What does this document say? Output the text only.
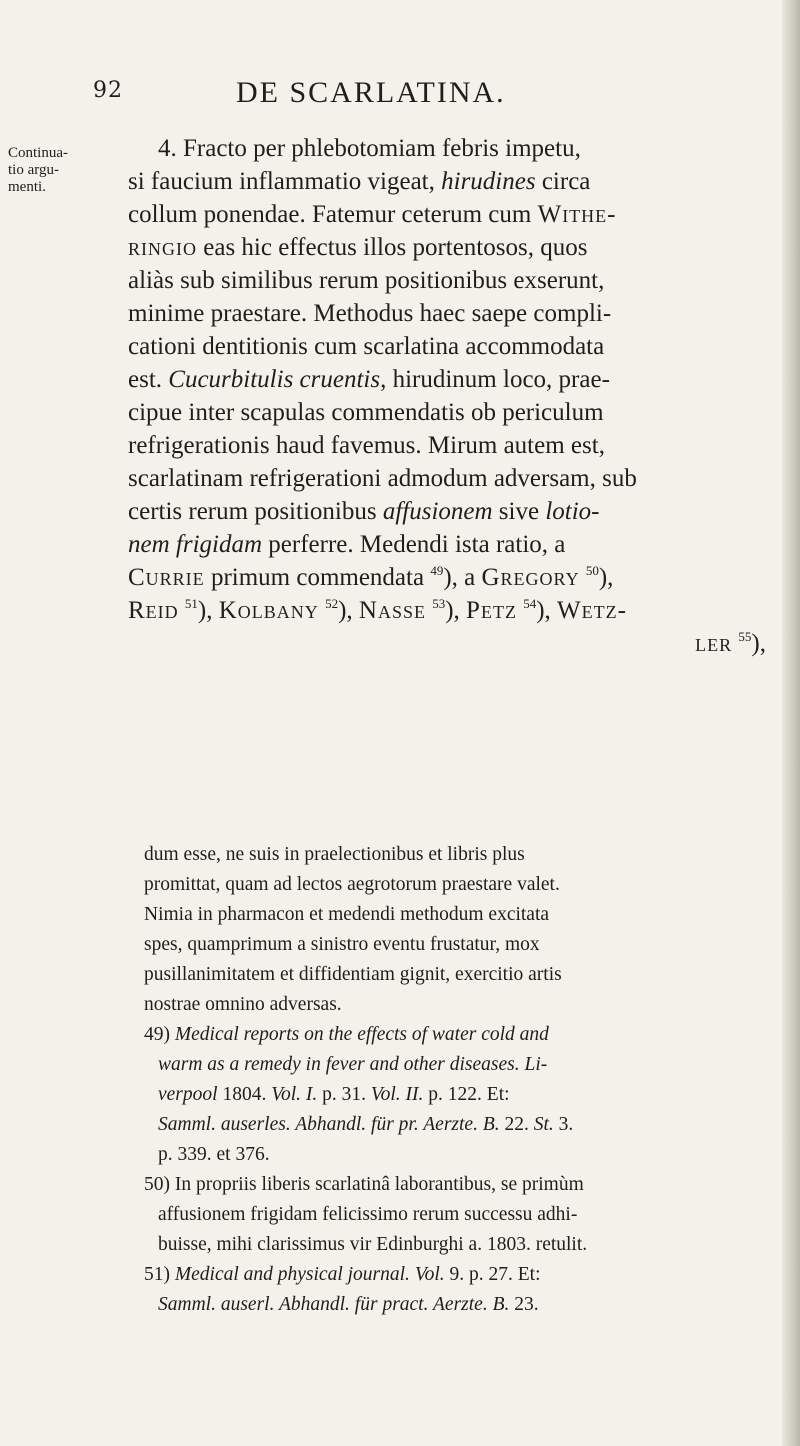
92	DE SCARLATINA.
Continua-
tio argu-
menti.
4. Fracto per phlebotomiam febris impetu,
si faucium inflammatio vigeat, hirudines circa
collum ponendae. Fatemur ceterum cum Withe-
ringio eas hic effectus illos portentosos, quos
aliàs sub similibus rerum positionibus exserunt,
minime praestare. Methodus haec saepe compli-
cationi dentitionis cum scarlatina accommodata
est. Cucurbitulis cruentis, hirudinum loco, prae-
cipue inter scapulas commendatis ob periculum
refrigerationis haud favemus. Mirum autem est,
scarlatinam refrigerationi admodum adversam, sub
certis rerum positionibus affusionem sive lotio-
nem frigidam perferre. Medendi ista ratio, a
Currie primum commendata $^{49}$), a Gregory $^{50}$),
Reid $^{51}$), Kolbany $^{52}$), Nasse $^{53}$), Petz $^{54}$), Wetz-
ler $^{55}$),
dum esse, ne suis in praelectionibus et libris plus
promittat, quam ad lectos aegrotorum praestare valet.
Nimia in pharmacon et medendi methodum excitata
spes, quamprimum a sinistro eventu frustatur, mox
pusillanimitatem et diffidentiam gignit, exercitio artis
nostrae omnino adversas.
49) Medical reports on the effects of water cold and
warm as a remedy in fever and other diseases. Li-
verpool 1804. Vol. I. p. 31. Vol. II. p. 122. Et:
Samml. auserles. Abhandl. für pr. Aerzte. B. 22. St. 3.
p. 339. et 376.
50) In propriis liberis scarlatinâ laborantibus, se primùm
affusionem frigidam felicissimo rerum successu adhi-
buisse, mihi clarissimus vir Edinburghi a. 1803. retulit.
51) Medical and physical journal. Vol. 9. p. 27. Et:
Samml. auserl. Abhandl. für pract. Aerzte. B. 23.
